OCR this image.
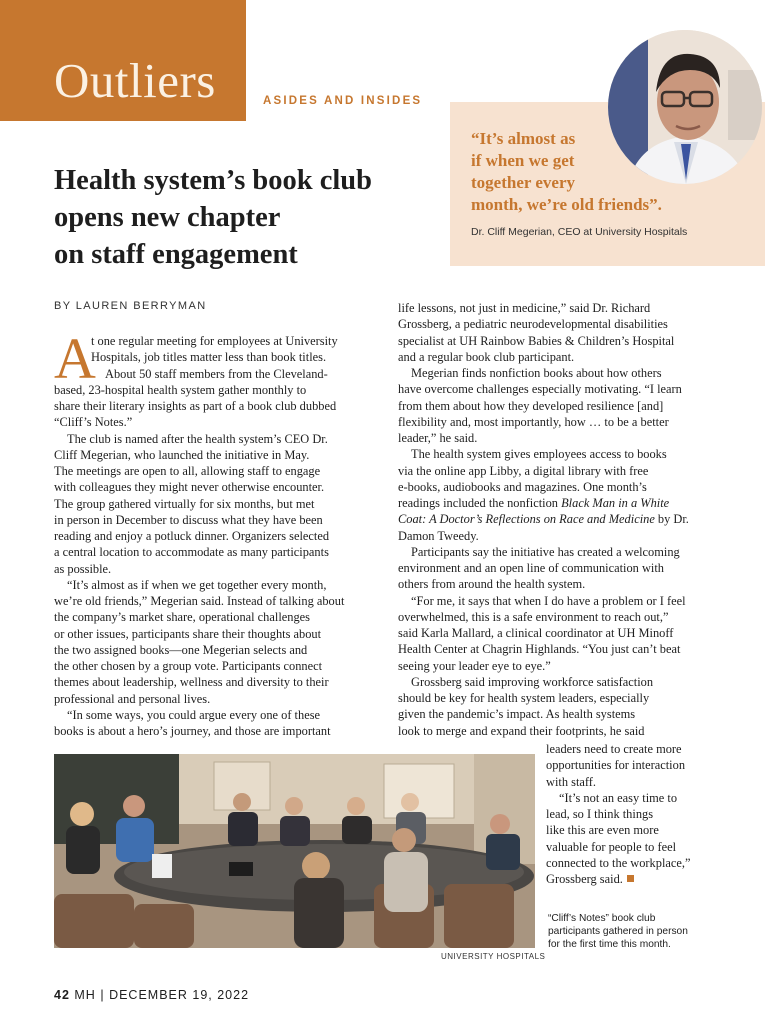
Outliers	ASIDES AND INSIDES
“It’s almost as
if when we get
together every
month, we’re old friends”.
Dr. Cliff Megerian, CEO at University Hospitals
Health system’s book club
opens new chapter
on staff engagement
BY LAUREN BERRYMAN
A

t one regular meeting for employees at University

Hospitals, job titles matter less than book titles.

About 50 staff members from the Cleveland-

based, 23-hospital health system gather monthly to

share their literary insights as part of a book club dubbed

“Cliff’s Notes.”

The club is named after the health system’s CEO Dr.

Cliff Megerian, who launched the initiative in May.

The meetings are open to all, allowing staff to engage

with colleagues they might never otherwise encounter.

The group gathered virtually for six months, but met

in person in December to discuss what they have been

reading and enjoy a potluck dinner. Organizers selected

a central location to accommodate as many participants

as possible.

“It’s almost as if when we get together every month,

we’re old friends,” Megerian said. Instead of talking about

the company’s market share, operational challenges

or other issues, participants share their thoughts about

the two assigned books—one Megerian selects and

the other chosen by a group vote. Participants connect

themes about leadership, wellness and diversity to their

professional and personal lives.

“In some ways, you could argue every one of these

books is about a hero’s journey, and those are important

life lessons, not just in medicine,” said Dr. Richard

Grossberg, a pediatric neurodevelopmental disabilities

specialist at UH Rainbow Babies & Children’s Hospital

and a regular book club participant.

Megerian finds nonfiction books about how others

have overcome challenges especially motivating. “I learn

from them about how they developed resilience [and]

flexibility and, most importantly, how … to be a better

leader,” he said.

The health system gives employees access to books

via the online app Libby, a digital library with free

e-books, audiobooks and magazines. One month’s

readings included the nonfiction Black Man in a White

Coat: A Doctor’s Reflections on Race and Medicine by Dr.

Damon Tweedy.

Participants say the initiative has created a welcoming

environment and an open line of communication with

others from around the health system.

“For me, it says that when I do have a problem or I feel

overwhelmed, this is a safe environment to reach out,”

said Karla Mallard, a clinical coordinator at UH Minoff

Health Center at Chagrin Highlands. “You just can’t beat

seeing your leader eye to eye.”

Grossberg said improving workforce satisfaction

should be key for health system leaders, especially

given the pandemic’s impact. As health systems

look to merge and expand their footprints, he said

leaders need to create more

opportunities for interaction

with staff.

“It’s not an easy time to

lead, so I think things

like this are even more

valuable for people to feel

connected to the workplace,”

Grossberg said.

UNIVERSITY HOSPITALS
“Cliff’s Notes” book club
participants gathered in person
for the first time this month.
42 MH | DECEMBER 19, 2022
